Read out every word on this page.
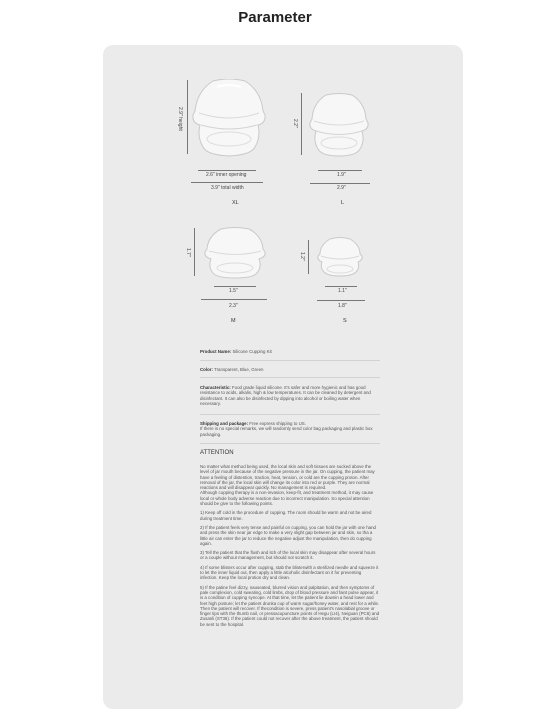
Parameter
2.9" height
2.6" inner opening
3.9" total width
XL
2.2"
1.9"
2.9"
L
1.7"
1.5"
2.3"
M
1.2"
1.1"
1.8"
S
Product Name: Silicone Cupping Kit
Color: Transparent, Blue, Green
Characteristic: Food grade liquid silicone. It's safer and more hygienic and has good resistance to acids, alkalis, high & low temperatures. It can be cleaned by detergent and disinfectant. It can also be disinfected by dipping into alcohol or boiling water when necessary.

Shipping and package: Free express shipping to US.

If there is no special remarks, we will randomly send color bag packaging and plastic box packaging.

ATTENTION

No matter what method being used, the local skin and soft tissues are sucked above the level of jar mouth because of the negative pressure in the jar. On cupping, the patient may have a feeling of distention, traction, heat, tension, or cold are the cupping proton. After removal of the jar, the local skin will change its color into red or purple. They are normal reactions and will disappear quickly. No management is required.

Although cupping therapy is a non-invasion, keep-fit, and treatment method, it may cause local or whole body adverse reaction due to incorrect manipulation. So special attention should be give to the following points.

1) Keep off cold in the procedure of cupping. The room should be warm and not be aired during treatment time.

2) If the patient feels very tense and painful on cupping, you can hold the jar with one hand and press the skin near jar edge to make a very slight gap between jar and skin, so tha a little air can enter the jar to reduce the negative adjust the manipulation, then do cupping again.

3) Tell the patient that the flush and itch of the local skin may disappear after several hours or a couple without management, but should not scratch it.

4) If some blisters occur after cupping, stab the blisterwith a sterilized needle and squeeze it to let the inner liquid out, then apply a little alcoholic disinfectant on it for preventing infection. Keep the local protion dry and clean.

5) If the patine feel dizzy, nauseated, blurred vision and palpitation, and then symptoms of pale complexion, cold sweating, cold limbs, drop of blood pressure and faint pulse appear, it is a condition of cupping syncope. At that time, let the patient lie downin a head lower and feet high posture; let the patient drunka cup of warm sugar/honey water, and rest for a while. Then the patient will recover. If thecondition is severe, press patient's nasolabial groove or finger tips with the thumb nail, or pressacupuncture points of Hegu (LI4), Neiguan (PC6) and Zusanli (ST36). If the patient could not recover after the above treatment, the patient should be sent to the hospital.
